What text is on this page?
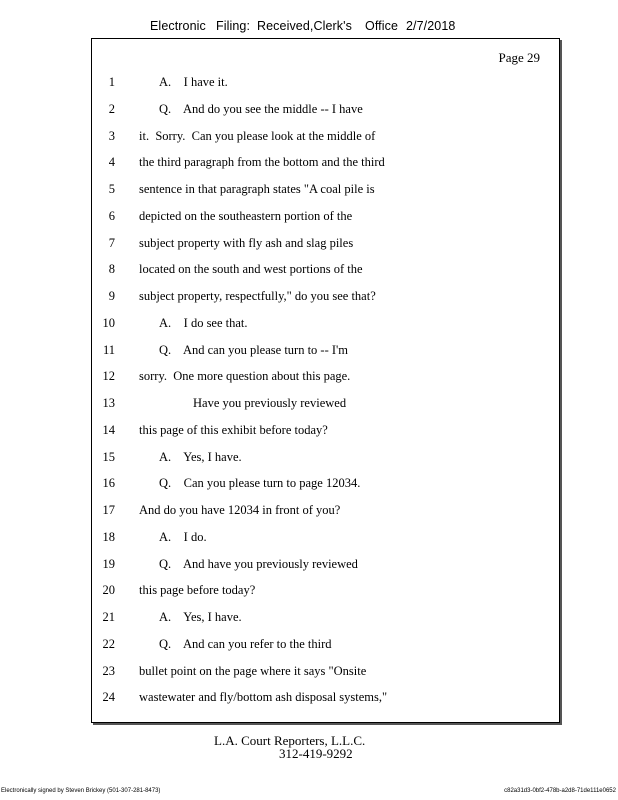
Electronic Filing: Received,Clerk's Office 2/7/2018
Page 29
1	A.    I have it.
2	Q.    And do you see the middle -- I have
3 it.  Sorry.  Can you please look at the middle of
4 the third paragraph from the bottom and the third
5 sentence in that paragraph states "A coal pile is
6 depicted on the southeastern portion of the
7 subject property with fly ash and slag piles
8 located on the south and west portions of the
9 subject property, respectfully," do you see that?
10	A.    I do see that.
11	Q.    And can you please turn to -- I'm
12 sorry.  One more question about this page.
13	Have you previously reviewed
14 this page of this exhibit before today?
15	A.    Yes, I have.
16	Q.    Can you please turn to page 12034.
17 And do you have 12034 in front of you?
18	A.    I do.
19	Q.    And have you previously reviewed
20 this page before today?
21	A.    Yes, I have.
22	Q.    And can you refer to the third
23 bullet point on the page where it says "Onsite
24 wastewater and fly/bottom ash disposal systems,"
L.A. Court Reporters, L.L.C.
312-419-9292
Electronically signed by Steven Brickey (501-307-281-8473)	c82a31d3-0bf2-478b-a2d8-71de111e0652
